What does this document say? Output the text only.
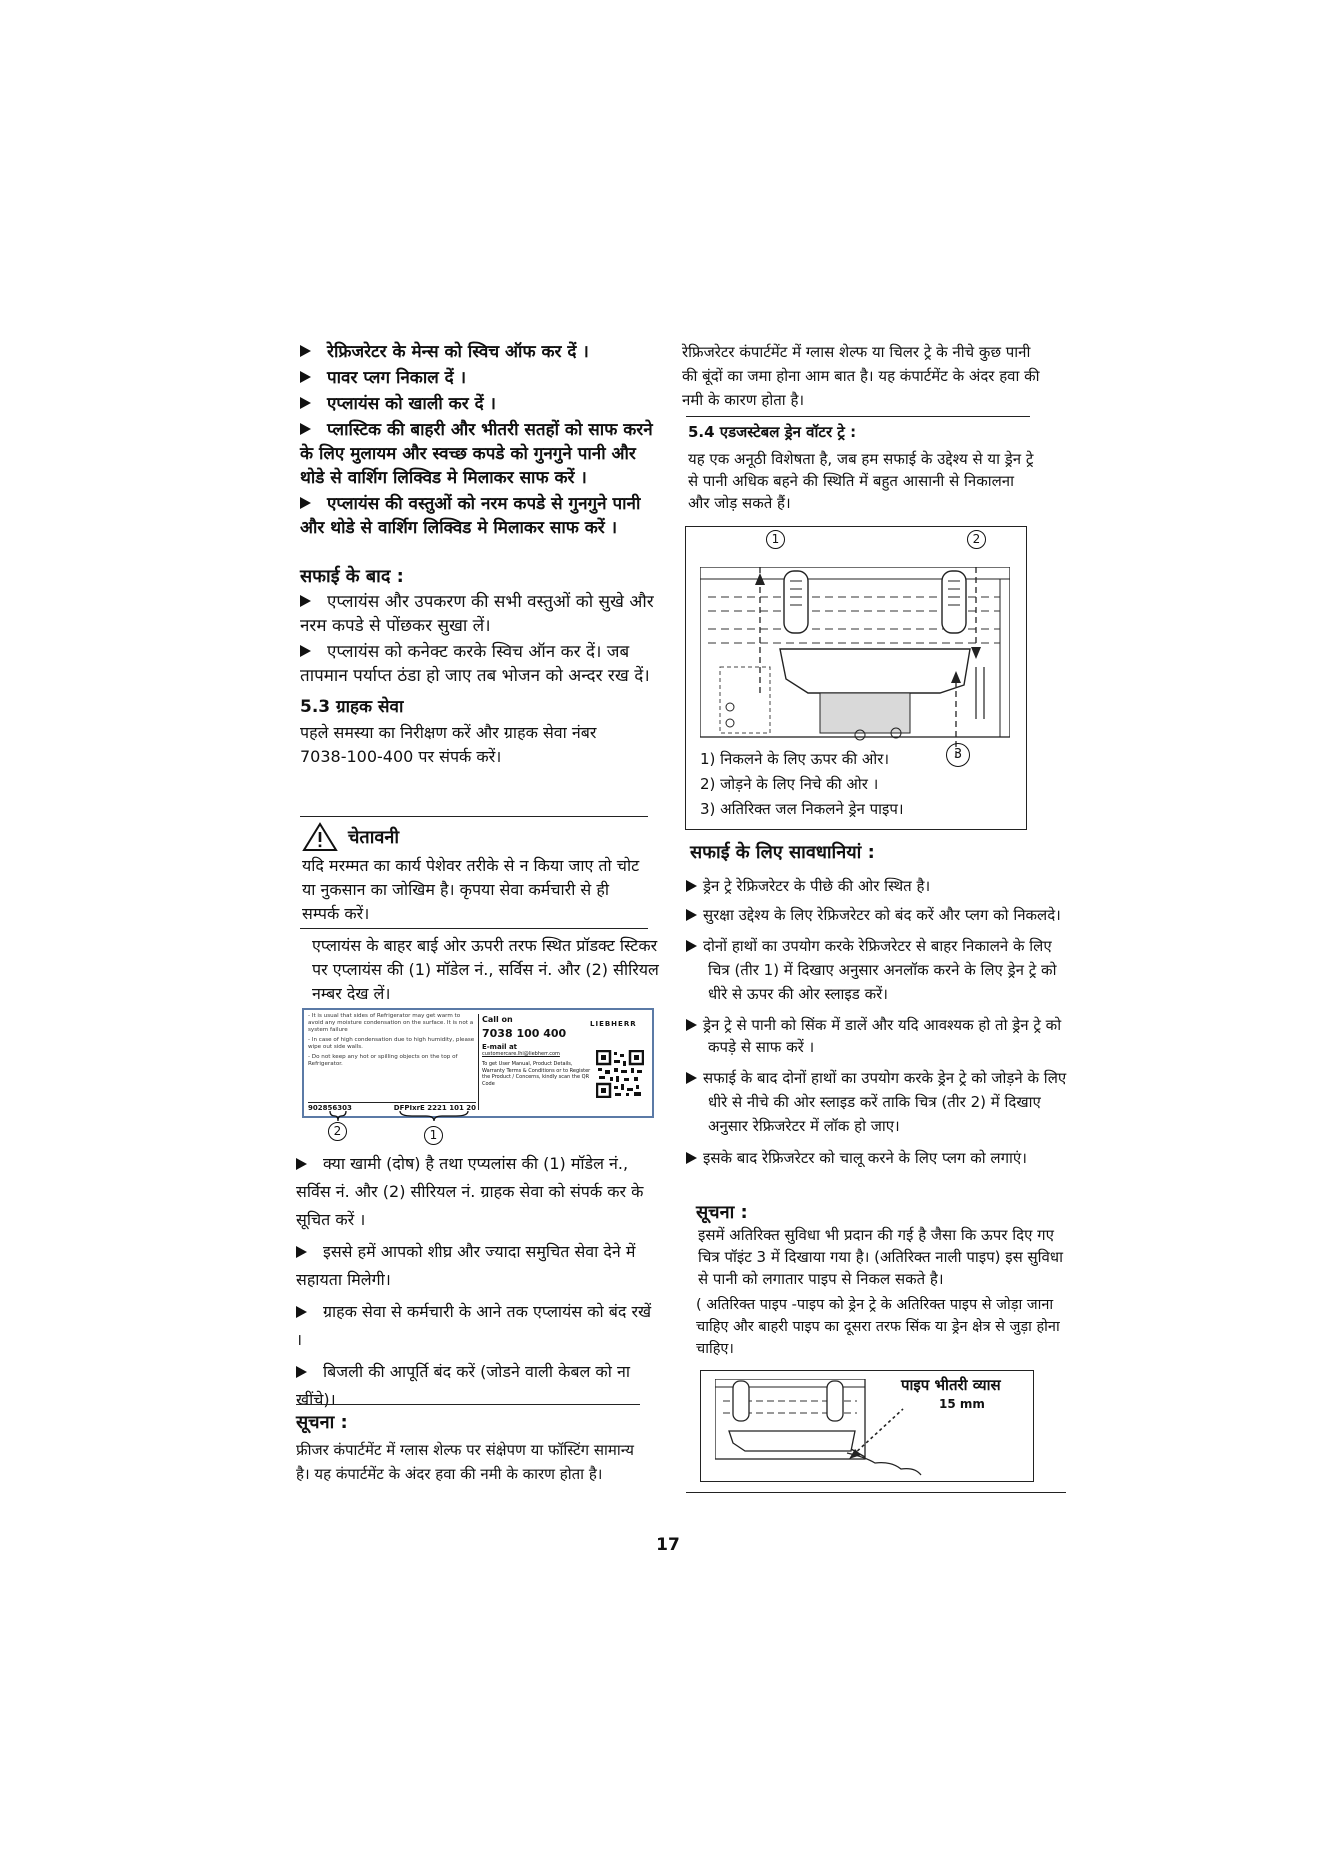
रेफ्रिजरेटर के मेन्स को स्विच ऑफ कर दें ।

पावर प्लग निकाल दें ।

एप्लायंस को खाली कर दें ।

प्लास्टिक की बाहरी और भीतरी सतहों को साफ करने के लिए मुलायम और स्वच्छ कपडे को गुनगुने पानी और थोडे से वार्शिग लिक्विड मे मिलाकर साफ करें ।

एप्लायंस की वस्तुओं को नरम कपडे से गुनगुने पानी और थोडे से वार्शिग लिक्विड मे मिलाकर साफ करें ।

सफाई के बाद :

एप्लायंस और उपकरण की सभी वस्तुओं को सुखे और नरम कपडे से पोंछकर सुखा लें।

एप्लायंस को कनेक्ट करके स्विच ऑन कर दें। जब तापमान पर्याप्त ठंडा हो जाए तब भोजन को अन्दर रख दें।

5.3 ग्राहक सेवा

पहले समस्या का निरीक्षण करें और ग्राहक सेवा नंबर 7038-100-400 पर संपर्क करें।

चेतावनी

यदि मरम्मत का कार्य पेशेवर तरीके से न किया जाए तो चोट या नुकसान का जोखिम है। कृपया सेवा कर्मचारी से ही सम्पर्क करें।

एप्लायंस के बाहर बाई ओर ऊपरी तरफ स्थित प्रॉडक्ट स्टिकर पर एप्लायंस की (1) मॉडेल नं., सर्विस नं. और (2) सीरियल नम्बर देख लें।

- It is usual that sides of Refrigerator may get warm to avoid any moisture condensation on the surface. It is not a system failure
- In case of high condensation due to high humidity, please wipe out side walls.
- Do not keep any hot or spilling objects on the top of Refrigerator.
902856303	DFPIxrE 2221 101 20
Call on
7038 100 400
E-mail at
customercare.lhi@liebherr.com
To get User Manual, Product Details, Warranty Terms & Conditions or to Register the Product / Concerns, kindly scan the QR Code
LIEBHERR
2	1

क्या खामी (दोष) है तथा एप्यलांस की (1) मॉडेल नं., सर्विस नं. और (2) सीरियल नं. ग्राहक सेवा को संपर्क कर के सूचित करें ।

इससे हमें आपको शीघ्र और ज्यादा समुचित सेवा देने में सहायता मिलेगी।

ग्राहक सेवा से कर्मचारी के आने तक एप्लायंस को बंद रखें ।

बिजली की आपूर्ति बंद करें (जोडने वाली केबल को ना खींचे)।

सूचना :

फ्रीजर कंपार्टमेंट में ग्लास शेल्फ पर संक्षेपण या फॉस्टिंग सामान्य है। यह कंपार्टमेंट के अंदर हवा की नमी के कारण होता है।

रेफ्रिजरेटर कंपार्टमेंट में ग्लास शेल्फ या चिलर ट्रे के नीचे कुछ पानी की बूंदों का जमा होना आम बात है। यह कंपार्टमेंट के अंदर हवा की नमी के कारण होता है।

5.4 एडजस्टेबल ड्रेन वॉटर ट्रे :

यह एक अनूठी विशेषता है, जब हम सफाई के उद्देश्य से या ड्रेन ट्रे से पानी अधिक बहने की स्थिति में बहुत आसानी से निकालना और जोड़ सकते हैं।

1	2
3
1) निकलने के लिए ऊपर की ओर।
2) जोड़ने के लिए निचे की ओर ।
3) अतिरिक्त जल निकलने ड्रेन पाइप।

सफाई के लिए सावधानियां :

ड्रेन ट्रे रेफ्रिजरेटर के पीछे की ओर स्थित है।

सुरक्षा उद्देश्य के लिए रेफ्रिजरेटर को बंद करें और प्लग को निकलदे।

दोनों हाथों का उपयोग करके रेफ्रिजरेटर से बाहर निकालने के लिए चित्र (तीर 1) में दिखाए अनुसार अनलॉक करने के लिए ड्रेन ट्रे को धीरे से ऊपर की ओर स्लाइड करें।

ड्रेन ट्रे से पानी को सिंक में डालें और यदि आवश्यक हो तो ड्रेन ट्रे को कपड़े से साफ करें ।

सफाई के बाद दोनों हाथों का उपयोग करके ड्रेन ट्रे को जोड़ने के लिए धीरे से नीचे की ओर स्लाइड करें ताकि चित्र (तीर 2) में दिखाए अनुसार रेफ्रिजरेटर में लॉक हो जाए।

इसके बाद रेफ्रिजरेटर को चालू करने के लिए प्लग को लगाएं।

सूचना :

इसमें अतिरिक्त सुविधा भी प्रदान की गई है जैसा कि ऊपर दिए गए चित्र पॉइंट 3 में दिखाया गया है। (अतिरिक्त नाली पाइप) इस सुविधा से पानी को लगातार पाइप से निकल सकते है।

( अतिरिक्त पाइप -पाइप को ड्रेन ट्रे के अतिरिक्त पाइप से जोड़ा जाना चाहिए और बाहरी पाइप का दूसरा तरफ सिंक या ड्रेन क्षेत्र से जुड़ा होना चाहिए।

पाइप भीतरी व्यास
15 mm
17
